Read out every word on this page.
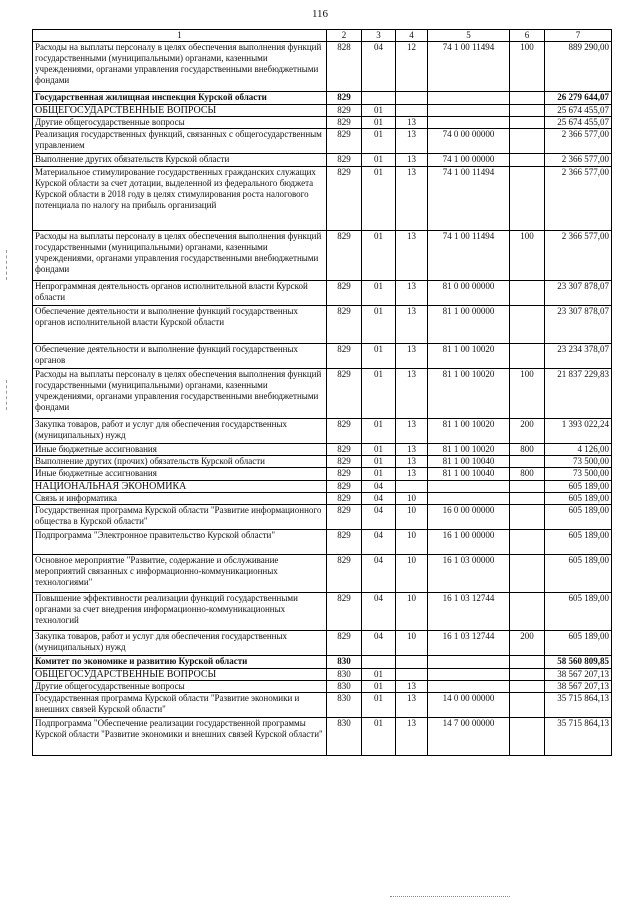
116
1	2	3	4	5	6	7
Расходы на выплаты персоналу в целях обеспечения выполнения функций государственными (муниципальными) органами, казенными учреждениями, органами управления государственными внебюджетными фондами	828	04	12	74 1 00 11494	100	889 290,00
Государственная жилищная инспекция Курской области	829					26 279 644,07
ОБЩЕГОСУДАРСТВЕННЫЕ ВОПРОСЫ	829	01				25 674 455,07
Другие общегосударственные вопросы	829	01	13			25 674 455,07
Реализация государственных функций, связанных с общегосударственным управлением	829	01	13	74 0 00 00000		2 366 577,00
Выполнение других обязательств Курской области	829	01	13	74 1 00 00000		2 366 577,00
Материальное стимулирование государственных гражданских служащих Курской области за счет дотации, выделенной из федерального бюджета Курской области в 2018 году в целях стимулирования роста налогового потенциала по налогу на прибыль организаций	829	01	13	74 1 00 11494		2 366 577,00
Расходы на выплаты персоналу в целях обеспечения выполнения функций государственными (муниципальными) органами, казенными учреждениями, органами управления государственными внебюджетными фондами	829	01	13	74 1 00 11494	100	2 366 577,00
Непрограммная деятельность органов исполнительной власти Курской области	829	01	13	81 0 00 00000		23 307 878,07
Обеспечение деятельности и выполнение функций государственных органов исполнительной власти Курской области	829	01	13	81 1 00 00000		23 307 878,07
Обеспечение деятельности и выполнение функций государственных органов	829	01	13	81 1 00 10020		23 234 378,07
Расходы на выплаты персоналу в целях обеспечения выполнения функций государственными (муниципальными) органами, казенными учреждениями, органами управления государственными внебюджетными фондами	829	01	13	81 1 00 10020	100	21 837 229,83
Закупка товаров, работ и услуг для обеспечения государственных (муниципальных) нужд	829	01	13	81 1 00 10020	200	1 393 022,24
Иные бюджетные ассигнования	829	01	13	81 1 00 10020	800	4 126,00
Выполнение других (прочих) обязательств Курской области	829	01	13	81 1 00 10040		73 500,00
Иные бюджетные ассигнования	829	01	13	81 1 00 10040	800	73 500,00
НАЦИОНАЛЬНАЯ ЭКОНОМИКА	829	04				605 189,00
Связь и информатика	829	04	10			605 189,00
Государственная программа Курской области "Развитие информационного общества в Курской области"	829	04	10	16 0 00 00000		605 189,00
Подпрограмма "Электронное правительство Курской области"	829	04	10	16 1 00 00000		605 189,00
Основное мероприятие "Развитие, содержание и обслуживание мероприятий связанных с информационно-коммуникационных технологиями"	829	04	10	16 1 03 00000		605 189,00
Повышение эффективности реализации функций государственными органами за счет внедрения информационно-коммуникационных технологий	829	04	10	16 1 03 12744		605 189,00
Закупка товаров, работ и услуг для обеспечения государственных (муниципальных) нужд	829	04	10	16 1 03 12744	200	605 189,00
Комитет по экономике и развитию Курской области	830					58 560 809,85
ОБЩЕГОСУДАРСТВЕННЫЕ ВОПРОСЫ	830	01				38 567 207,13
Другие общегосударственные вопросы	830	01	13			38 567 207,13
Государственная программа Курской области "Развитие экономики и внешних связей Курской области"	830	01	13	14 0 00 00000		35 715 864,13
Подпрограмма "Обеспечение реализации государственной программы Курской области "Развитие экономики и внешних связей Курской области"	830	01	13	14 7 00 00000		35 715 864,13
